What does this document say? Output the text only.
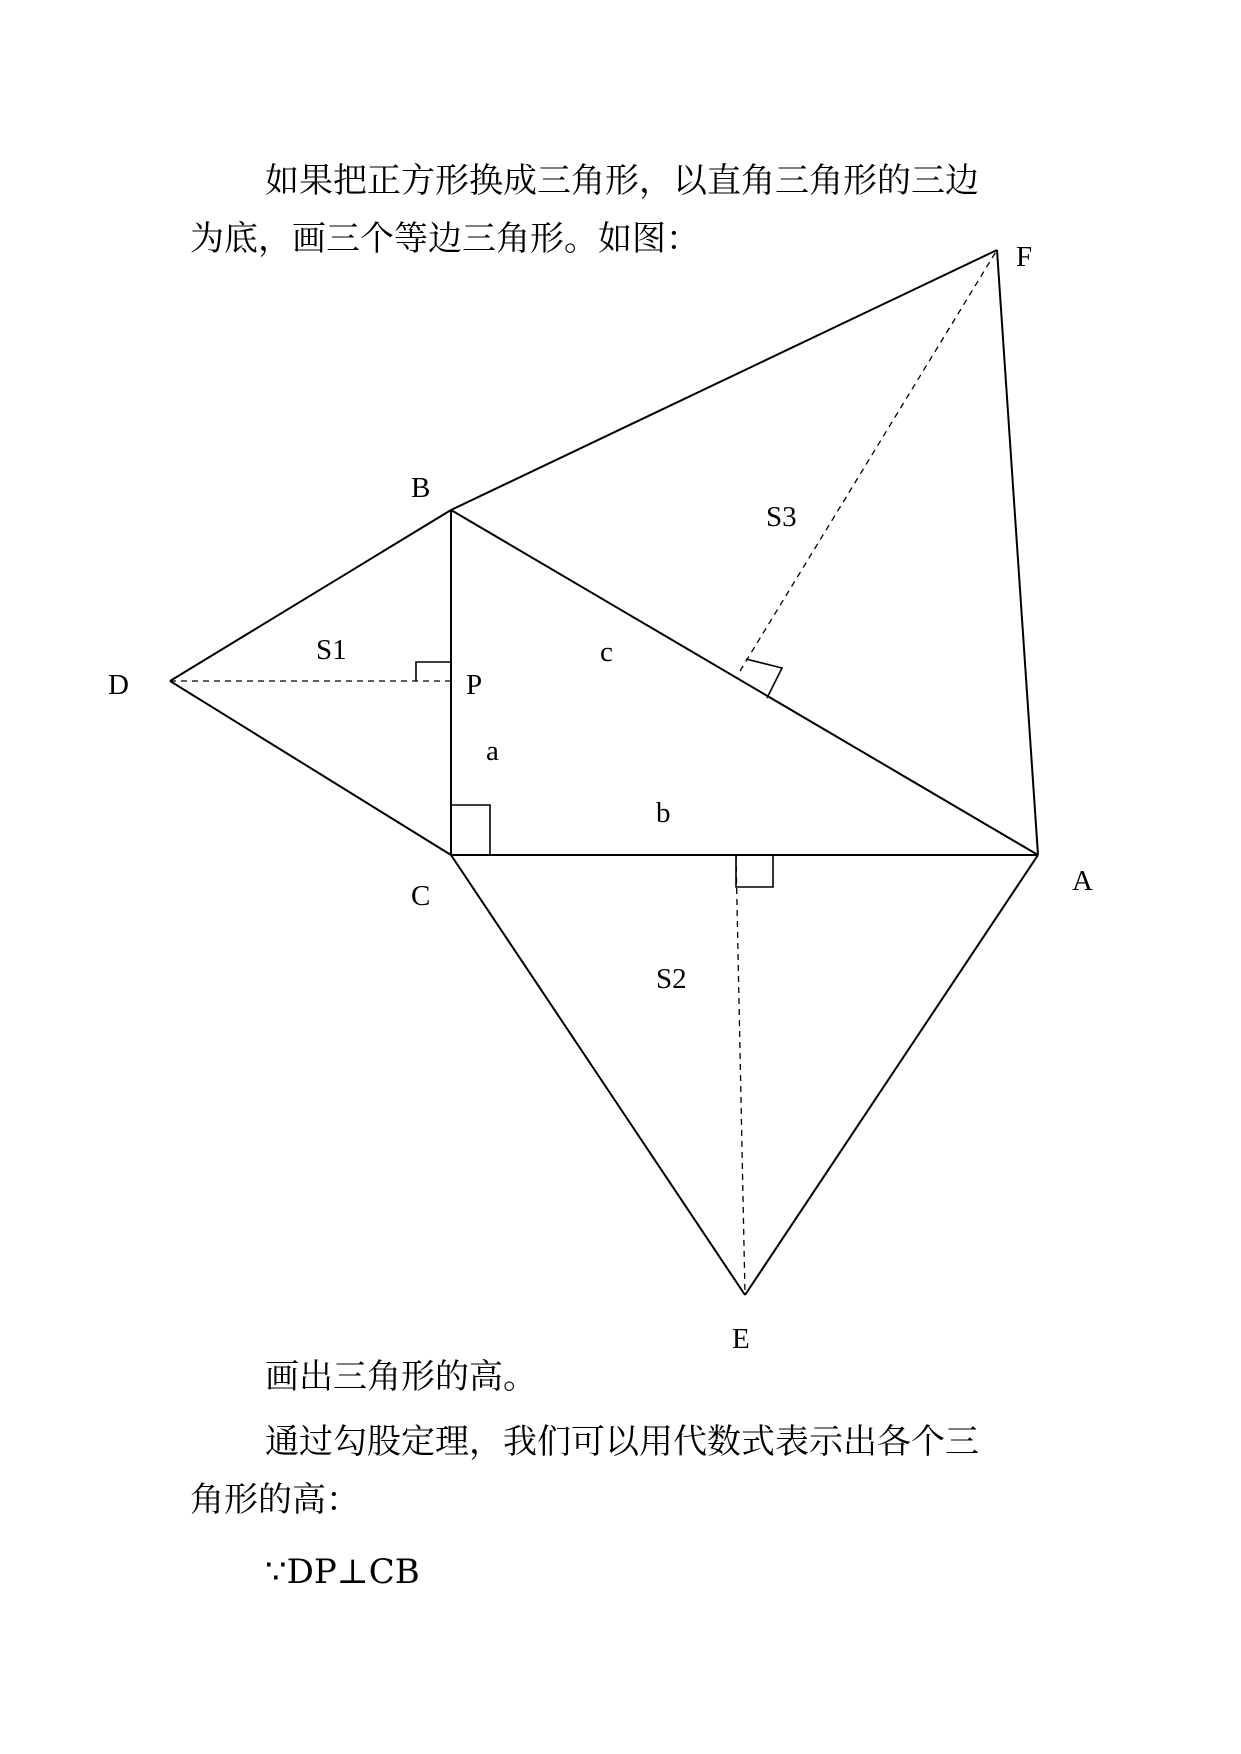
如果把正方形换成三角形，以直角三角形的三边
为底，画三个等边三角形。如图：
B
C	A
D
E
F
P
a
b
c
S1
S2
S3
画出三角形的高。
通过勾股定理，我们可以用代数式表示出各个三
角形的高：
∵DP⊥CB
